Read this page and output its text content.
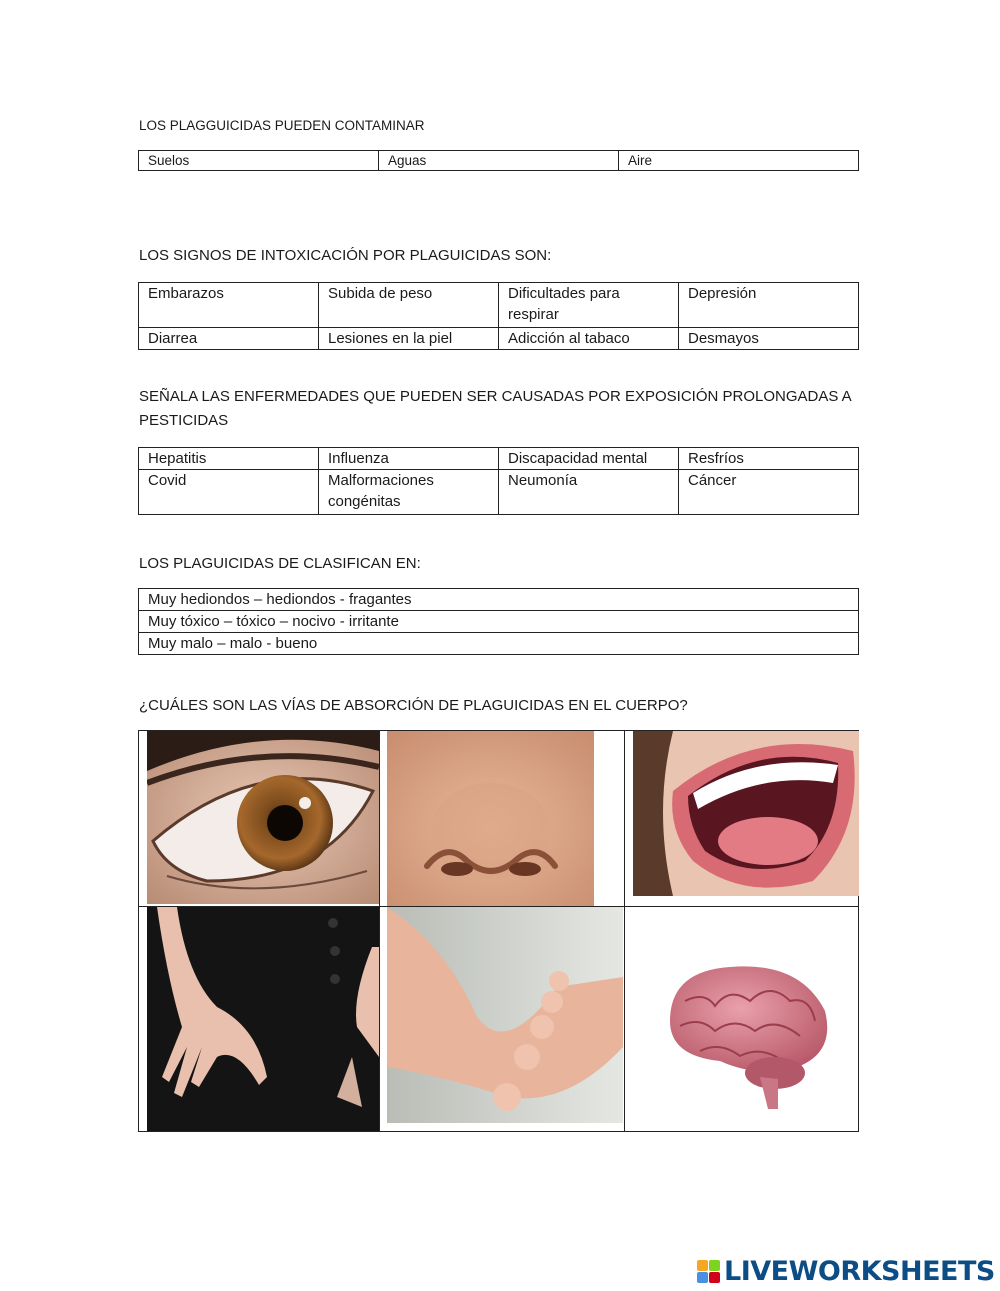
LOS PLAGGUICIDAS PUEDEN CONTAMINAR
Suelos	Aguas	Aire
LOS SIGNOS DE INTOXICACIÓN POR PLAGUICIDAS SON:
Embarazos	Subida de peso	Dificultades para respirar	Depresión
Diarrea	Lesiones en la piel	Adicción al tabaco	Desmayos
SEÑALA LAS ENFERMEDADES QUE PUEDEN SER CAUSADAS POR EXPOSICIÓN PROLONGADAS A PESTICIDAS
Hepatitis	Influenza	Discapacidad mental	Resfríos
Covid	Malformaciones congénitas	Neumonía	Cáncer
LOS PLAGUICIDAS DE CLASIFICAN EN:
Muy hediondos – hediondos - fragantes
Muy tóxico – tóxico – nocivo - irritante
Muy malo – malo - bueno
¿CUÁLES SON LAS VÍAS DE ABSORCIÓN DE PLAGUICIDAS EN EL CUERPO?
LIVEWORKSHEETS
